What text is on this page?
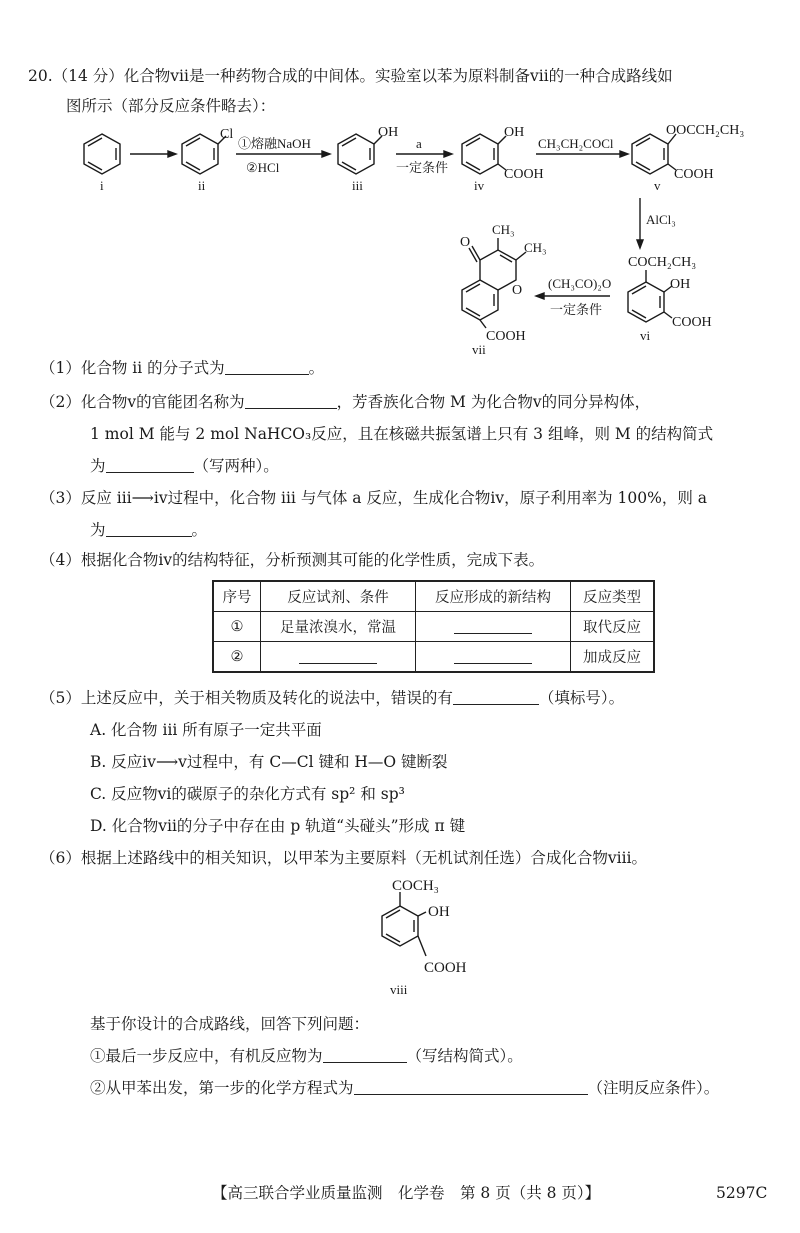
20.（14 分）化合物ⅶ是一种药物合成的中间体。实验室以苯为原料制备ⅶ的一种合成路线如
图所示（部分反应条件略去）：
i	ii
Cl
①熔融NaOH
②HCl
iii
OH
a
一定条件
iv
OH
COOH
CH₃CH₂COCl
OOCCH₂CH₃
COOH
v
AlCl₃
COCH₂CH₃
OH
COOH
vi
(CH₃CO)₂O
一定条件
O
CH₃
CH₃
O
COOH
vii
（1）化合物 ⅱ 的分子式为	。
（2）化合物ⅴ的官能团名称为	，芳香族化合物 M 为化合物ⅴ的同分异构体，
1 mol M 能与 2 mol NaHCO₃反应，且在核磁共振氢谱上只有 3 组峰，则 M 的结构简式
为	（写两种）。
（3）反应 ⅲ⟶ⅳ过程中，化合物 ⅲ 与气体 a 反应，生成化合物ⅳ，原子利用率为 100%，则 a
为	。
（4）根据化合物ⅳ的结构特征，分析预测其可能的化学性质，完成下表。
序号	反应试剂、条件	反应形成的新结构	反应类型
①	足量浓溴水，常温		取代反应
②			加成反应
（5）上述反应中，关于相关物质及转化的说法中，错误的有	（填标号）。
A. 化合物 ⅲ 所有原子一定共平面
B. 反应ⅳ⟶ⅴ过程中，有 C—Cl 键和 H—O 键断裂
C. 反应物ⅵ的碳原子的杂化方式有 sp² 和 sp³
D. 化合物ⅶ的分子中存在由 p 轨道“头碰头”形成 π 键
（6）根据上述路线中的相关知识，以甲苯为主要原料（无机试剂任选）合成化合物ⅷ。
COCH₃
OH
COOH
viii
基于你设计的合成路线，回答下列问题：
①最后一步反应中，有机反应物为	（写结构简式）。
②从甲苯出发，第一步的化学方程式为	（注明反应条件）。
【高三联合学业质量监测　化学卷　第 8 页（共 8 页）】	5297C
